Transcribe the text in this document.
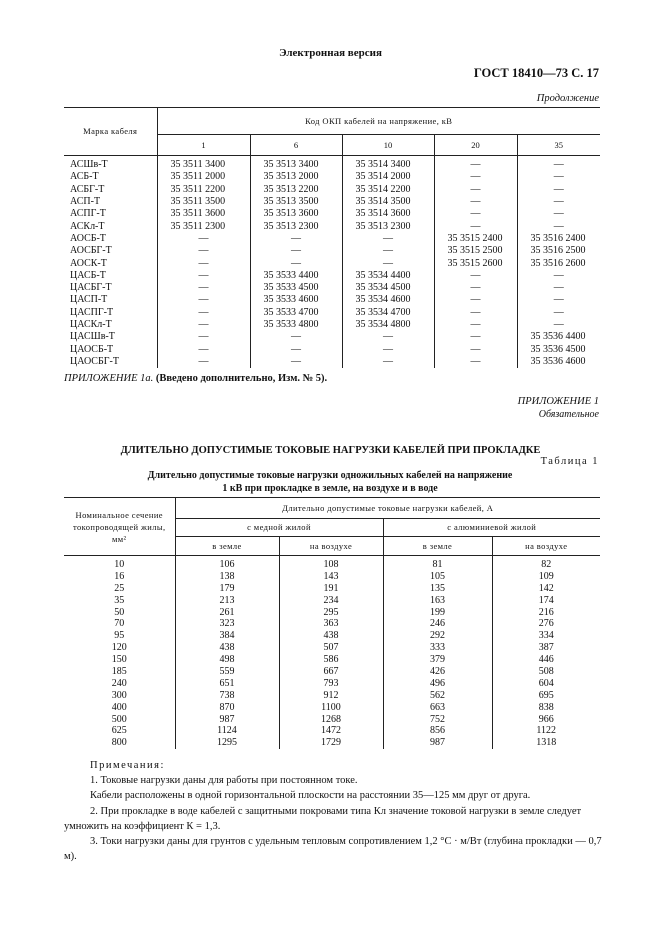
Электронная версия
ГОСТ 18410—73 С. 17
Продолжение
Марка кабеля	Код ОКП кабелей на напряжение, кВ				
	1	6	10	20	35
АСШв-Т	35 3511 3400	35 3513 3400	35 3514 3400	—	—
АСБ-Т	35 3511 2000	35 3513 2000	35 3514 2000	—	—
АСБГ-Т	35 3511 2200	35 3513 2200	35 3514 2200	—	—
АСП-Т	35 3511 3500	35 3513 3500	35 3514 3500	—	—
АСПГ-Т	35 3511 3600	35 3513 3600	35 3514 3600	—	—
АСКл-Т	35 3511 2300	35 3513 2300	35 3513 2300	—	—
АОСБ-Т	—	—	—	35 3515 2400	35 3516 2400
АОСБГ-Т	—	—	—	35 3515 2500	35 3516 2500
АОСК-Т	—	—	—	35 3515 2600	35 3516 2600
ЦАСБ-Т	—	35 3533 4400	35 3534 4400	—	—
ЦАСБГ-Т	—	35 3533 4500	35 3534 4500	—	—
ЦАСП-Т	—	35 3533 4600	35 3534 4600	—	—
ЦАСПГ-Т	—	35 3533 4700	35 3534 4700	—	—
ЦАСКл-Т	—	35 3533 4800	35 3534 4800	—	—
ЦАСШв-Т	—	—	—	—	35 3536 4400
ЦАОСБ-Т	—	—	—	—	35 3536 4500
ЦАОСБГ-Т	—	—	—	—	35 3536 4600
ПРИЛОЖЕНИЕ 1а. (Введено дополнительно, Изм. № 5).
ПРИЛОЖЕНИЕ 1
Обязательное
ДЛИТЕЛЬНО ДОПУСТИМЫЕ ТОКОВЫЕ НАГРУЗКИ КАБЕЛЕЙ ПРИ ПРОКЛАДКЕ
Таблица 1
Длительно допустимые токовые нагрузки одножильных кабелей на напряжение
1 кВ при прокладке в земле, на воздухе и в воде
Номинальное сечение токопроводящей жилы, мм²	Длительно допустимые токовые нагрузки кабелей, А			
	с медной жилой		с алюминиевой жилой	
	в земле	на воздухе	в земле	на воздухе
10	106	108	81	82
16	138	143	105	109
25	179	191	135	142
35	213	234	163	174
50	261	295	199	216
70	323	363	246	276
95	384	438	292	334
120	438	507	333	387
150	498	586	379	446
185	559	667	426	508
240	651	793	496	604
300	738	912	562	695
400	870	1100	663	838
500	987	1268	752	966
625	1124	1472	856	1122
800	1295	1729	987	1318

Примечания:

1. Токовые нагрузки даны для работы при постоянном токе.

Кабели расположены в одной горизонтальной плоскости на расстоянии 35—125 мм друг от друга.

2. При прокладке в воде кабелей с защитными покровами типа Кл значение токовой нагрузки в земле следует умножить на коэффициент К = 1,3.

3. Токи нагрузки даны для грунтов с удельным тепловым сопротивлением 1,2 °С · м/Вт (глубина прокладки — 0,7 м).
